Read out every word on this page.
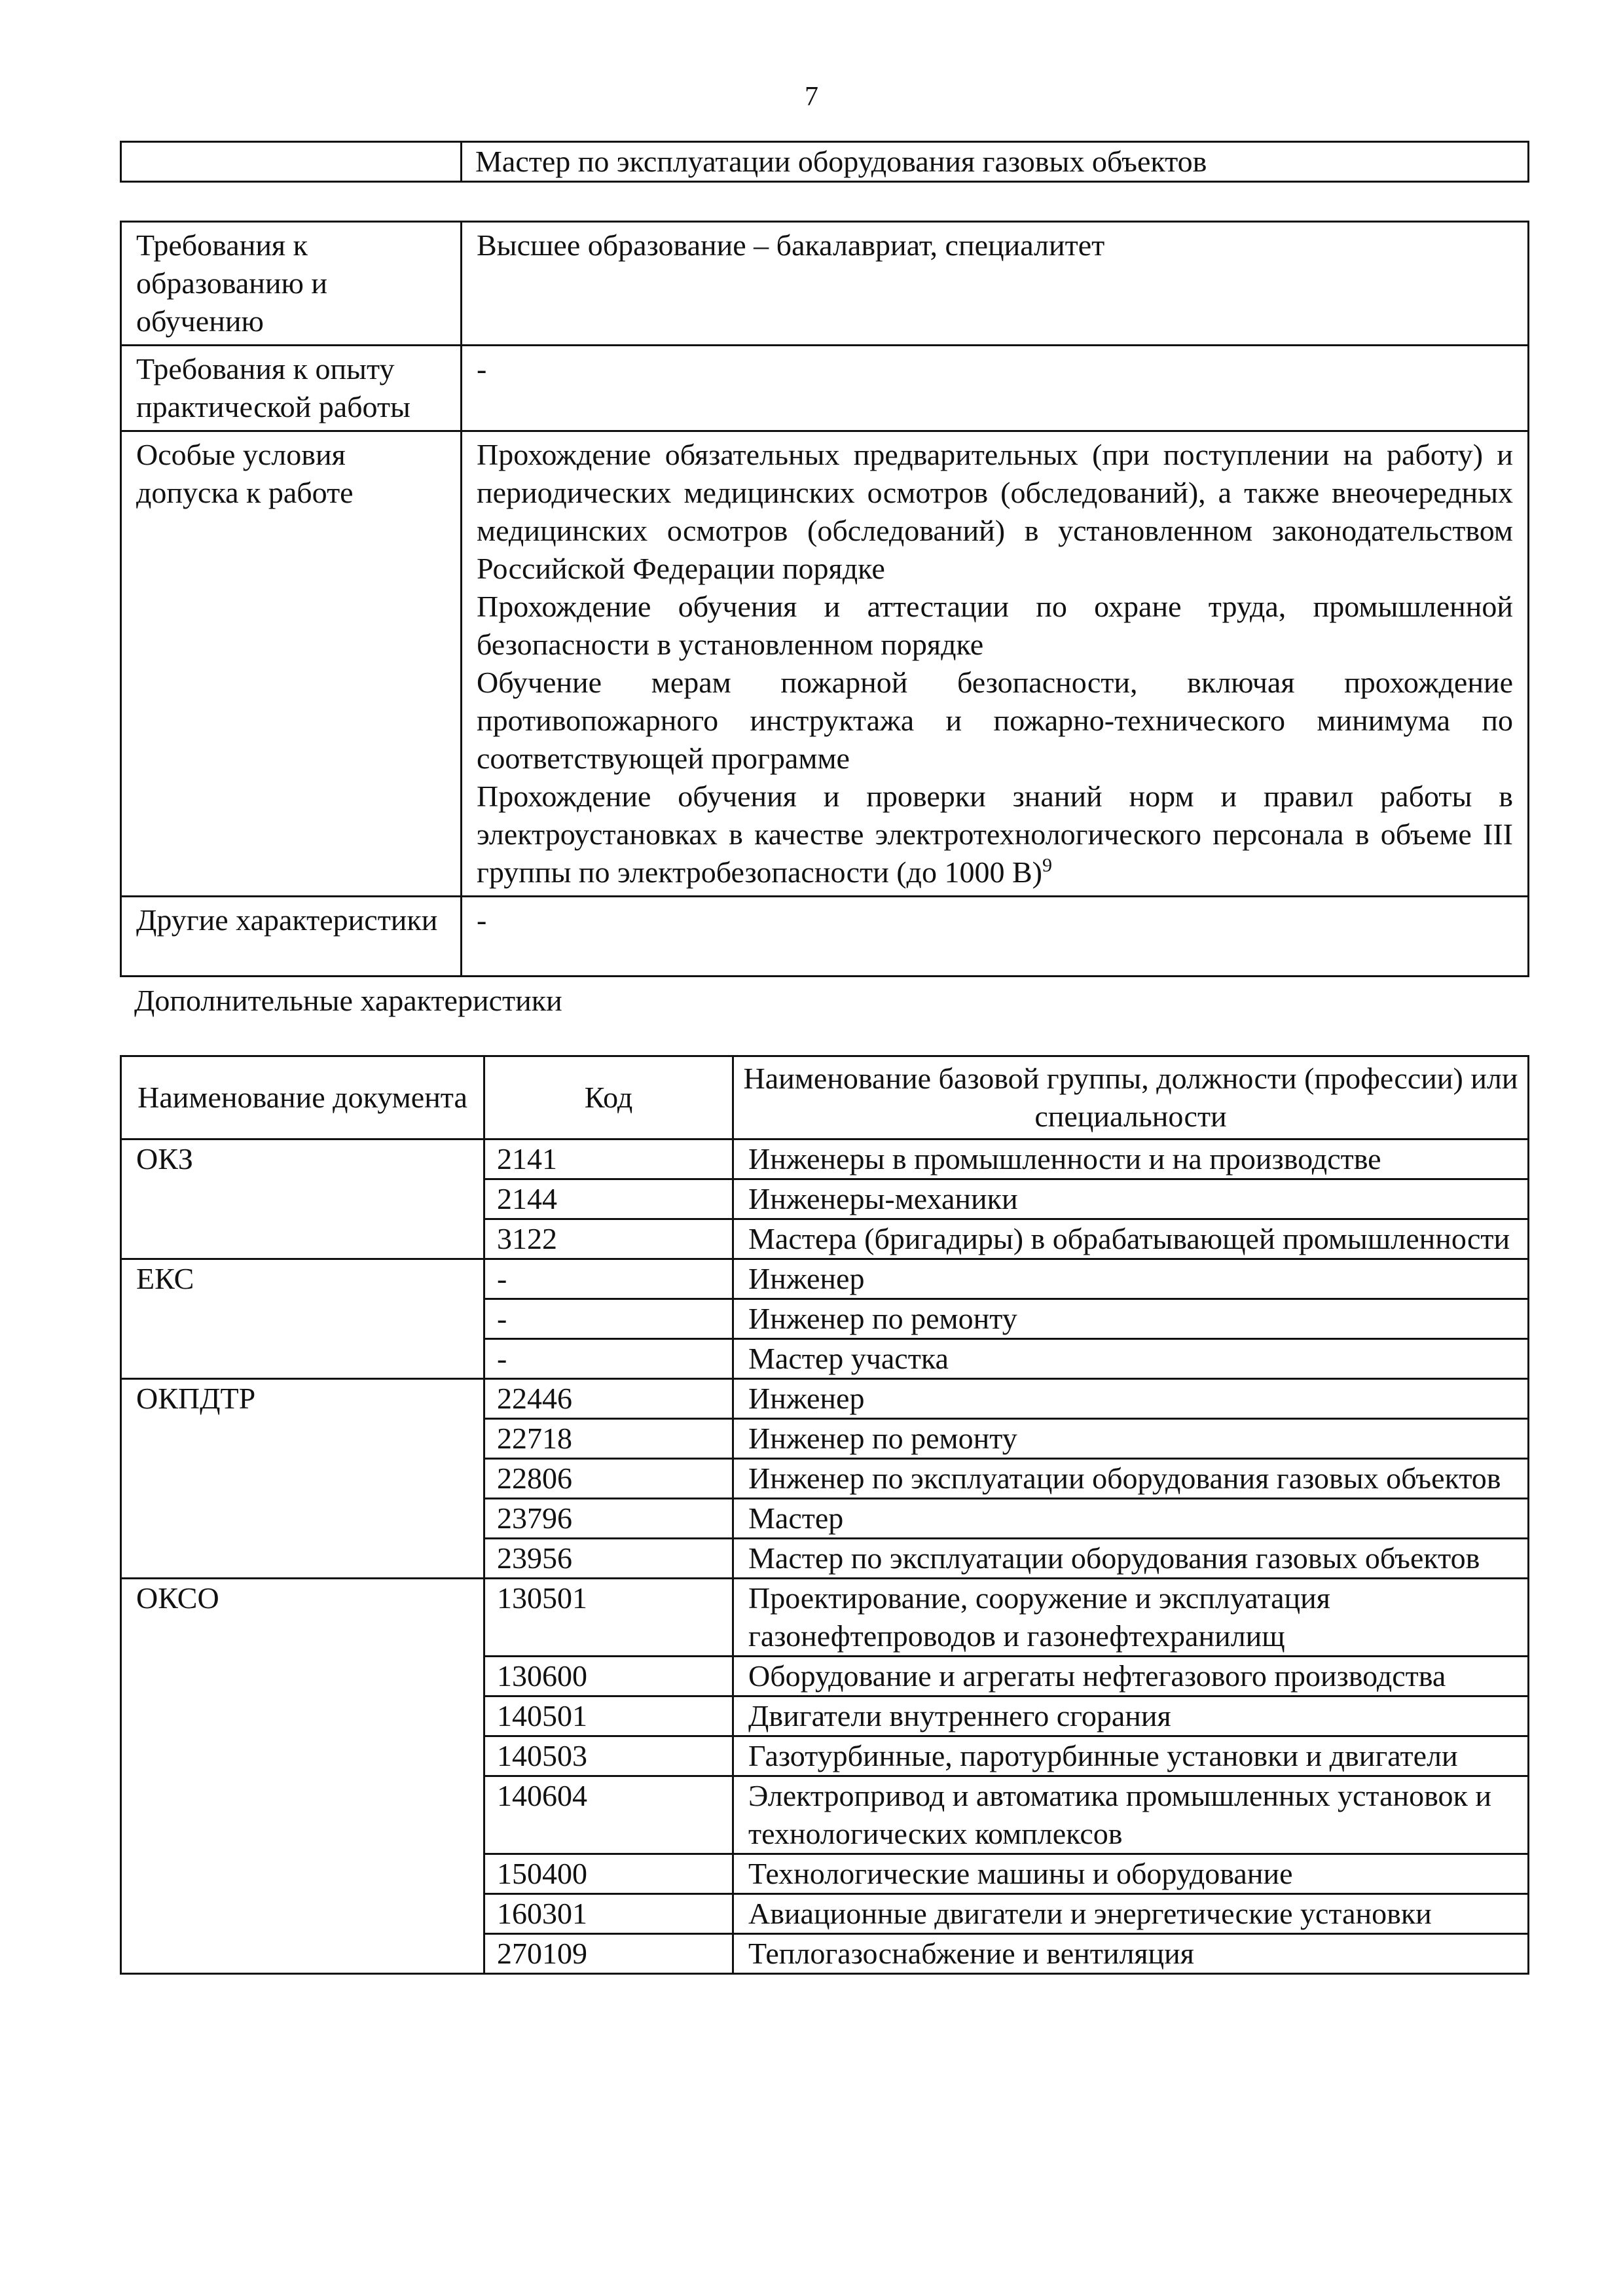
7
	Мастер по эксплуатации оборудования газовых объектов
Требования к образованию и обучению	Высшее образование – бакалавриат, специалитет
Требования к опыту практической работы	-
Особые условия допуска к работе	Прохождение обязательных предварительных (при поступлении на работу) и периодических медицинских осмотров (обследований), а также внеочередных медицинских осмотров (обследований) в установленном законодательством Российской Федерации порядке

Прохождение обучения и аттестации по охране труда, промышленной безопасности в установленном порядке

Обучение мерам пожарной безопасности, включая прохождение противопожарного инструктажа и пожарно-технического минимума по соответствующей программе

Прохождение обучения и проверки знаний норм и правил работы в электроустановках в качестве электротехнологического персонала в объеме III группы по электробезопасности (до 1000 В)$^9$

Другие характеристики	-
Дополнительные характеристики
Наименование документа	Код	Наименование базовой группы, должности (профессии) или специальности
ОКЗ	2141	Инженеры в промышленности и на производстве
	2144	Инженеры-механики
	3122	Мастера (бригадиры) в обрабатывающей промышленности
ЕКС	-	Инженер
	-	Инженер по ремонту
	-	Мастер участка
ОКПДТР	22446	Инженер
	22718	Инженер по ремонту
	22806	Инженер по эксплуатации оборудования газовых объектов
	23796	Мастер
	23956	Мастер по эксплуатации оборудования газовых объектов
ОКСО	130501	Проектирование, сооружение и эксплуатация газонефтепроводов и газонефтехранилищ
	130600	Оборудование и агрегаты нефтегазового производства
	140501	Двигатели внутреннего сгорания
	140503	Газотурбинные, паротурбинные установки и двигатели
	140604	Электропривод и автоматика промышленных установок и технологических комплексов
	150400	Технологические машины и оборудование
	160301	Авиационные двигатели и энергетические установки
	270109	Теплогазоснабжение и вентиляция
